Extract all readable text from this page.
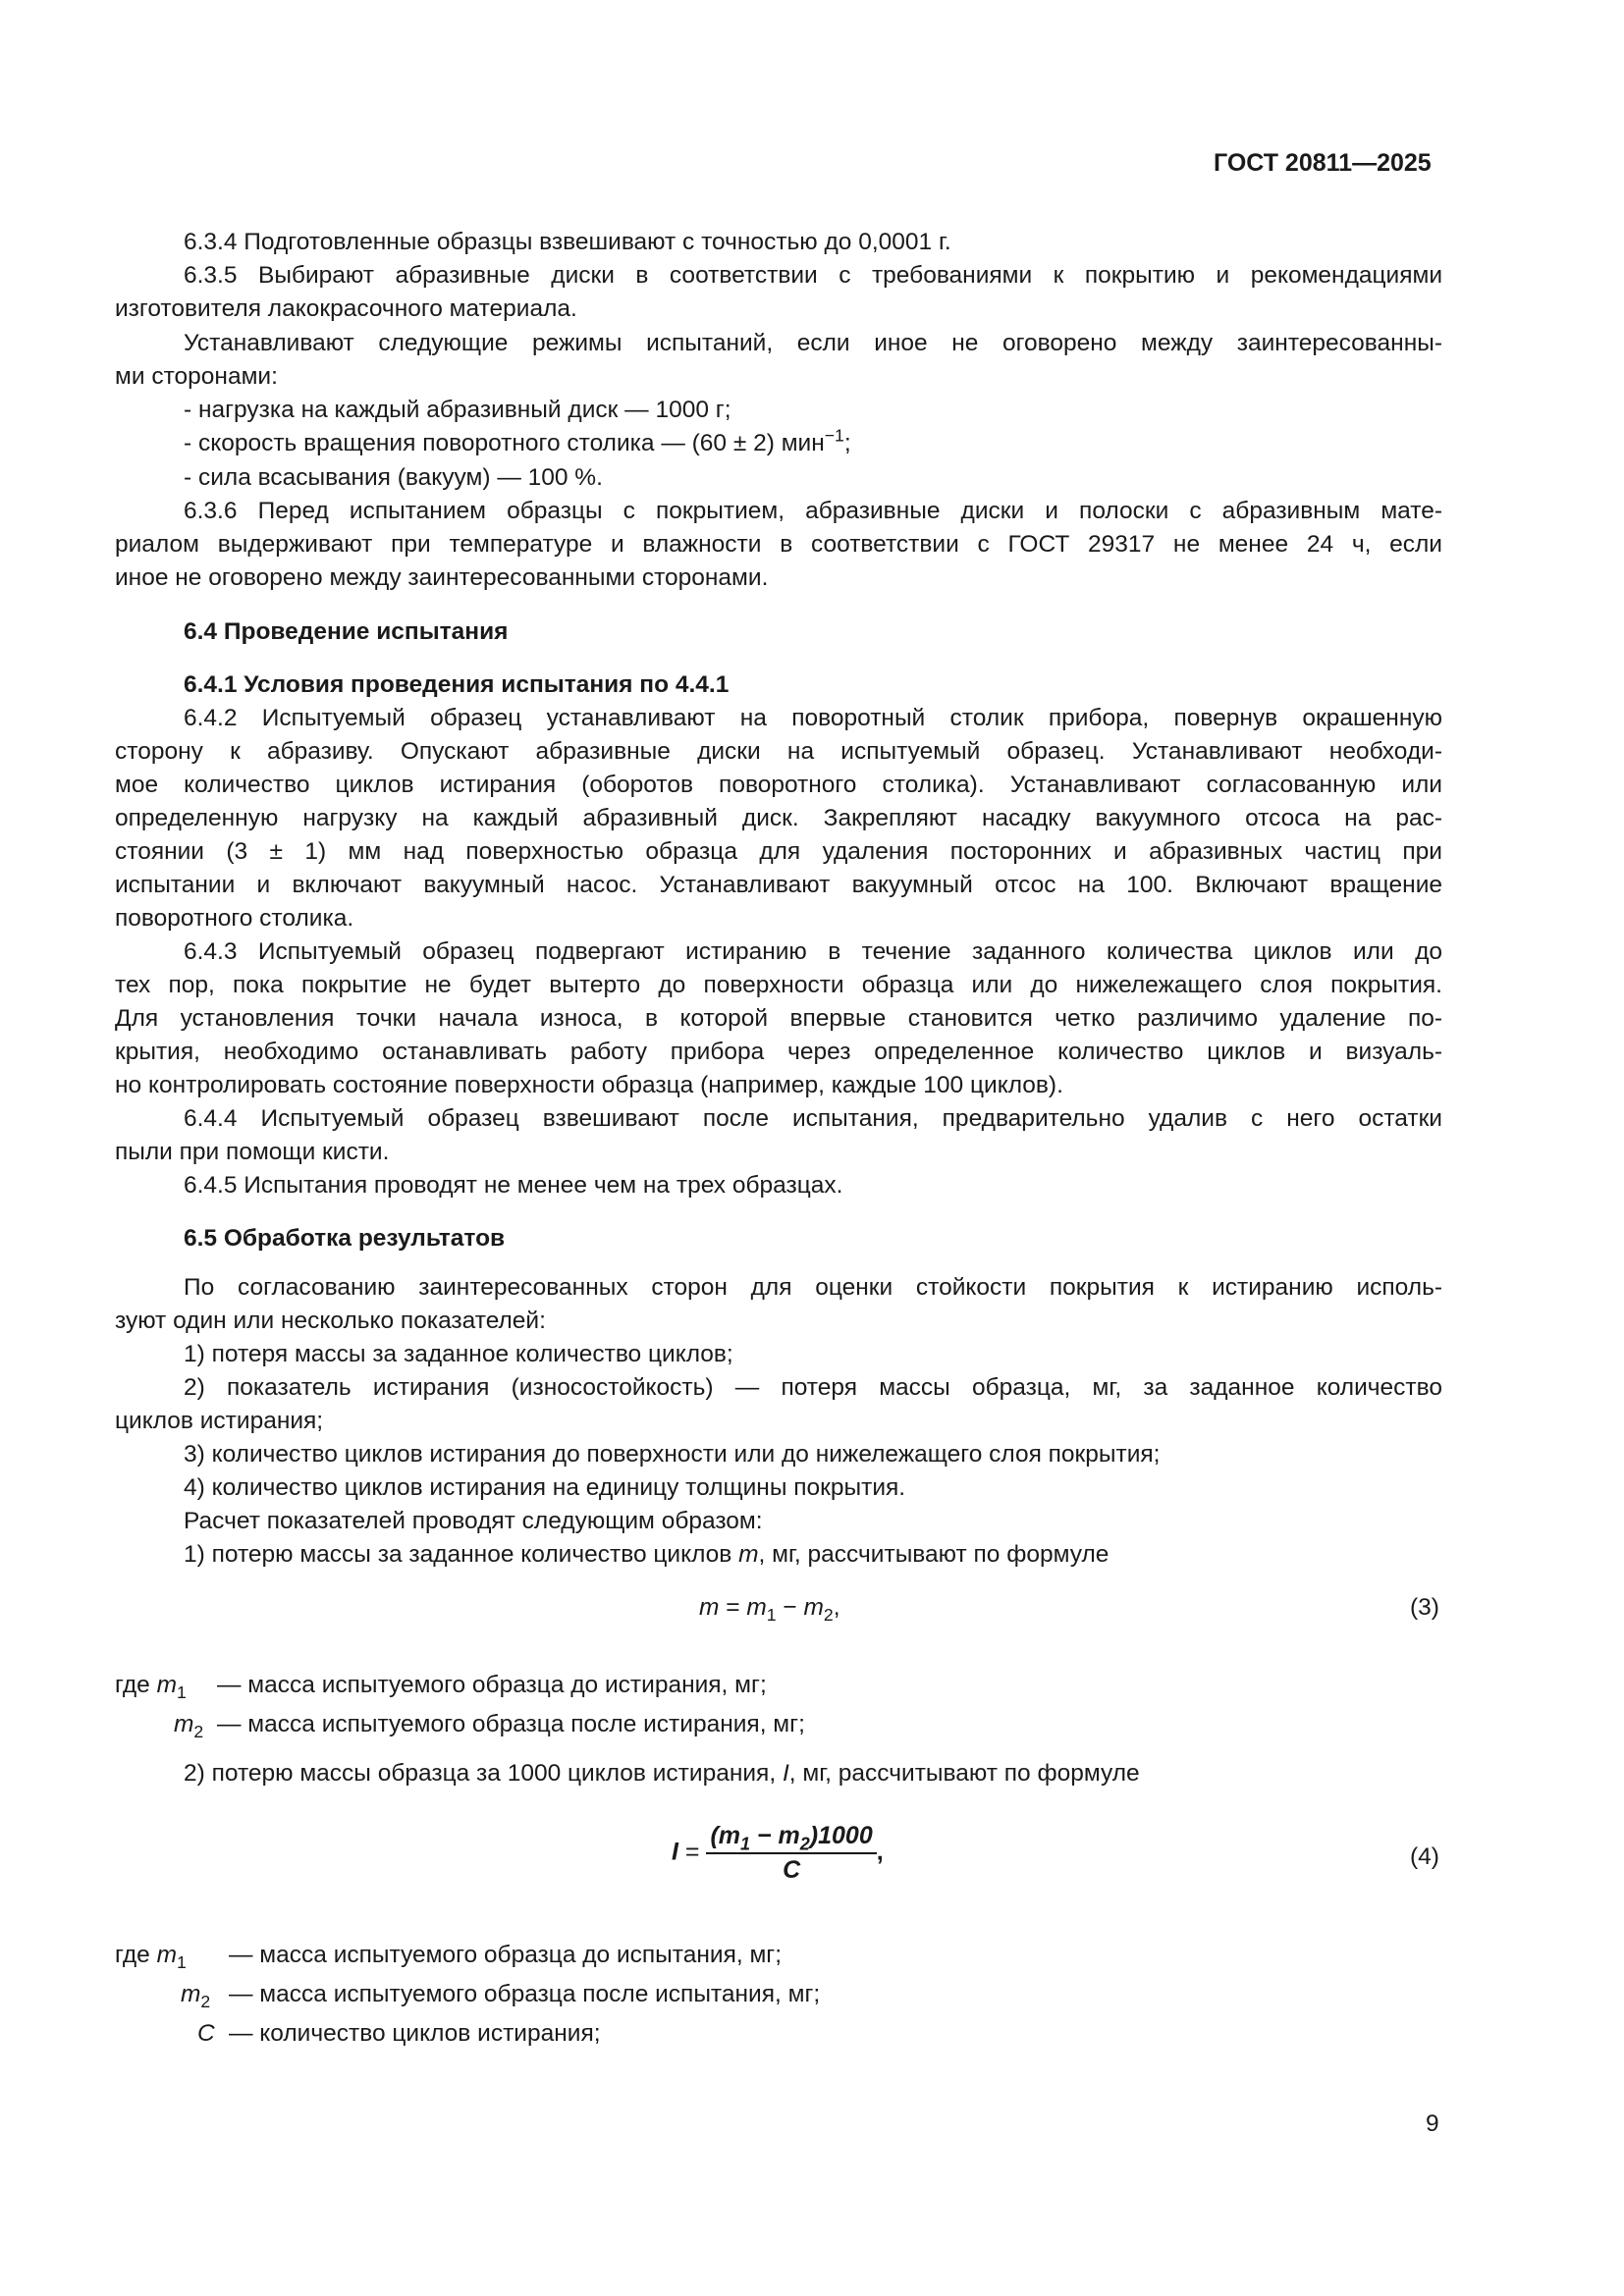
ГОСТ 20811—2025
6.3.4 Подготовленные образцы взвешивают с точностью до 0,0001 г.
6.3.5 Выбирают абразивные диски в соответствии с требованиями к покрытию и рекомендациями
изготовителя лакокрасочного материала.
Устанавливают следующие режимы испытаний, если иное не оговорено между заинтересованны-
ми сторонами:
- нагрузка на каждый абразивный диск — 1000 г;
- скорость вращения поворотного столика — (60 ± 2) мин$^{-1}$;
- сила всасывания (вакуум) — 100 %.
6.3.6 Перед испытанием образцы с покрытием, абразивные диски и полоски с абразивным мате-
риалом выдерживают при температуре и влажности в соответствии с ГОСТ 29317 не менее 24 ч, если
иное не оговорено между заинтересованными сторонами.
6.4 Проведение испытания
6.4.1 Условия проведения испытания по 4.4.1
6.4.2 Испытуемый образец устанавливают на поворотный столик прибора, повернув окрашенную
сторону к абразиву. Опускают абразивные диски на испытуемый образец. Устанавливают необходи-
мое количество циклов истирания (оборотов поворотного столика). Устанавливают согласованную или
определенную нагрузку на каждый абразивный диск. Закрепляют насадку вакуумного отсоса на рас-
стоянии (3 ± 1) мм над поверхностью образца для удаления посторонних и абразивных частиц при
испытании и включают вакуумный насос. Устанавливают вакуумный отсос на 100. Включают вращение
поворотного столика.
6.4.3 Испытуемый образец подвергают истиранию в течение заданного количества циклов или до
тех пор, пока покрытие не будет вытерто до поверхности образца или до нижележащего слоя покрытия.
Для установления точки начала износа, в которой впервые становится четко различимо удаление по-
крытия, необходимо останавливать работу прибора через определенное количество циклов и визуаль-
но контролировать состояние поверхности образца (например, каждые 100 циклов).
6.4.4 Испытуемый образец взвешивают после испытания, предварительно удалив с него остатки
пыли при помощи кисти.
6.4.5 Испытания проводят не менее чем на трех образцах.
6.5 Обработка результатов
По согласованию заинтересованных сторон для оценки стойкости покрытия к истиранию исполь-
зуют один или несколько показателей:
1) потеря массы за заданное количество циклов;
2) показатель истирания (износостойкость) — потеря массы образца, мг, за заданное количество
циклов истирания;
3) количество циклов истирания до поверхности или до нижележащего слоя покрытия;
4) количество циклов истирания на единицу толщины покрытия.
Расчет показателей проводят следующим образом:
1) потерю массы за заданное количество циклов m, мг, рассчитывают по формуле
$m = m_1 - m_2$,	(3)
где $m_1$ — масса испытуемого образца до истирания, мг;
$m_2$ — масса испытуемого образца после истирания, мг;
2) потерю массы образца за 1000 циклов истирания, I, мг, рассчитывают по формуле
$I = \frac{(m_1 - m_2)1000}{C}$ ,	(4)
где $m_1$ — масса испытуемого образца до испытания, мг;
$m_2$ — масса испытуемого образца после испытания, мг;
C — количество циклов истирания;
9
